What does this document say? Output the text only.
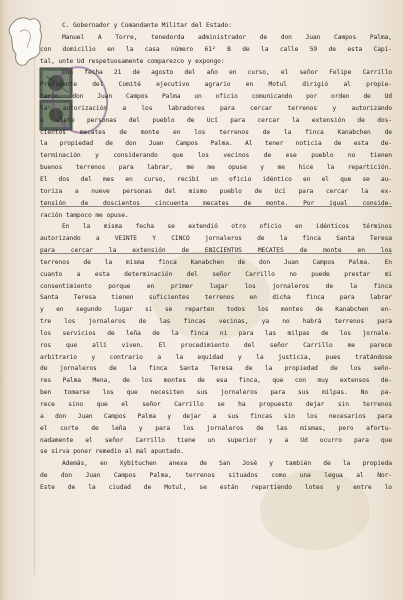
C. Gobernador y Comandante Militar del Estado:

Manuel A Torre, tenedorda administrador de don Juan Campos Palma,

con domicilio en la casa número 61² B de la calle 59 de esta Capi-

tal, unte Ud respetuosamente comparezco y expongo:

Con fecha 21 de agosto del año en curso, el señor Felipe Carrillo

Presidente del Comité ejecutivo agrario en Motul dirigió al propie-

tario don Juan Campos Palma un oficio comunicando por orden de Ud

la autorización a los labradores para cercar terrenos y autorizando

a siete personas del pueblo de Ucí para cercar la extensión de dos-

cientos mecates de monte en los terrenos de la finca Kanabchen de

la propiedad de don Juan Campos Palma. Al tener noticia de esta de-

terminación y considerando que los vecinos de ese pueblo no tienen

buenos terrenos para labrar, me me opuse y me hice la repartición.

El dos del mes en curso, recibí un oficio idéntico en el que se au-

toriza a nueve personas del mismo pueblo de Ucí para cercar la ex-

tensión de doscientos cincuenta mecates de monte. Por igual conside-

ración tampoco me opuse.

En la misma fecha se extendió otro oficio en idénticos términos

autorizando a VEINTE Y CINCO jornaleros de la finca Santa Teresa

para cercar la extensión de ENICIENTOS MECATES de monte en los

terrenos de la misma finca Kanabchen de don Juan Campos Palma. En

cuanto a esta determinación del señor Carrillo no puede prestar mi

consentimiento porque en primer lugar los jornaleros de la finca

Santa Teresa tienen suficientes terrenos en dicha finca para labrar

y en segundo lugar si se reparten todos los montes de Kanabchen en-

tre los jornaleros de las fincas vecinas, ya no habrá terrenos para

los servicios de leña de la finca ni para las milpas de los jornale-

ros que allí viven. El procedimiento del señor Carrillo me parece

arbitrario y contrario a la equidad y la justicia, pues tratándose

de jornaleros de la finca Santa Teresa de la propiedad de los seño-

res Palma Mena, de los montes de esa finca, que con muy extensos de-

ben tomarse los que necesiten sus jornaleros para sus milpas. No pa-

rece sino que el señor Carrillo se ha propuesto dejar sin terrenos

a don Juan Campos Palma y dejar a sus fincas sin los necesarios para

el corte de leña y para los jornaleros de las mismas, pero afortu-

nadamente el señor Carrillo tiene un superior y a Ud ocurro para que

se sirva poner remedio al mal apuntado.

Además, en Xybituchen anexa de San José y también de la propieda

de don Juan Campos Palma, terrenos situados como una legua al Nor-

Este de la ciudad de Motul, se están repartiendo lotes y entre lo
